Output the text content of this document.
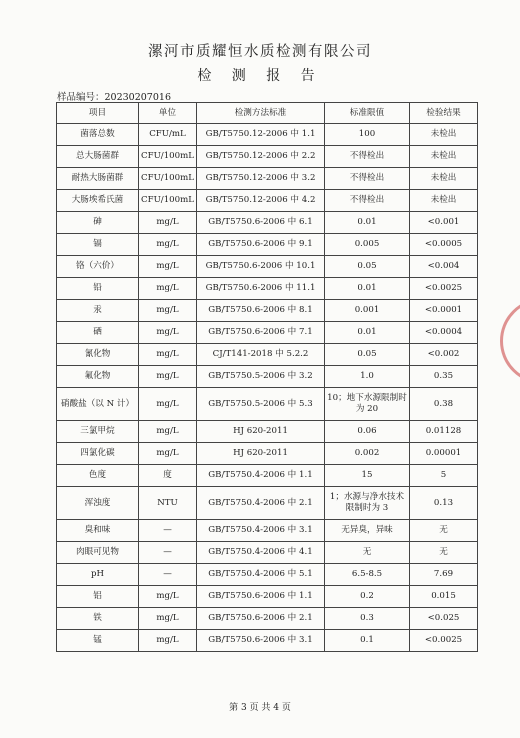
漯河市质耀恒水质检测有限公司
检 测 报 告
样品编号：20230207016
项目	单位	检测方法标准	标准限值	检验结果
菌落总数	CFU/mL	GB/T5750.12-2006 中 1.1	100	未检出
总大肠菌群	CFU/100mL	GB/T5750.12-2006 中 2.2	不得检出	未检出
耐热大肠菌群	CFU/100mL	GB/T5750.12-2006 中 3.2	不得检出	未检出
大肠埃希氏菌	CFU/100mL	GB/T5750.12-2006 中 4.2	不得检出	未检出
砷	mg/L	GB/T5750.6-2006 中 6.1	0.01	<0.001
镉	mg/L	GB/T5750.6-2006 中 9.1	0.005	<0.0005
铬（六价）	mg/L	GB/T5750.6-2006 中 10.1	0.05	<0.004
铅	mg/L	GB/T5750.6-2006 中 11.1	0.01	<0.0025
汞	mg/L	GB/T5750.6-2006 中 8.1	0.001	<0.0001
硒	mg/L	GB/T5750.6-2006 中 7.1	0.01	<0.0004
氰化物	mg/L	CJ/T141-2018 中 5.2.2	0.05	<0.002
氟化物	mg/L	GB/T5750.5-2006 中 3.2	1.0	0.35
硝酸盐（以 N 计）	mg/L	GB/T5750.5-2006 中 5.3	10；地下水源限制时为 20	0.38
三氯甲烷	mg/L	HJ 620-2011	0.06	0.01128
四氯化碳	mg/L	HJ 620-2011	0.002	0.00001
色度	度	GB/T5750.4-2006 中 1.1	15	5
浑浊度	NTU	GB/T5750.4-2006 中 2.1	1；水源与净水技术限制时为 3	0.13
臭和味	—	GB/T5750.4-2006 中 3.1	无异臭，异味	无
肉眼可见物	—	GB/T5750.4-2006 中 4.1	无	无
pH	—	GB/T5750.4-2006 中 5.1	6.5-8.5	7.69
铝	mg/L	GB/T5750.6-2006 中 1.1	0.2	0.015
铁	mg/L	GB/T5750.6-2006 中 2.1	0.3	<0.025
锰	mg/L	GB/T5750.6-2006 中 3.1	0.1	<0.0025
第 3 页 共 4 页
